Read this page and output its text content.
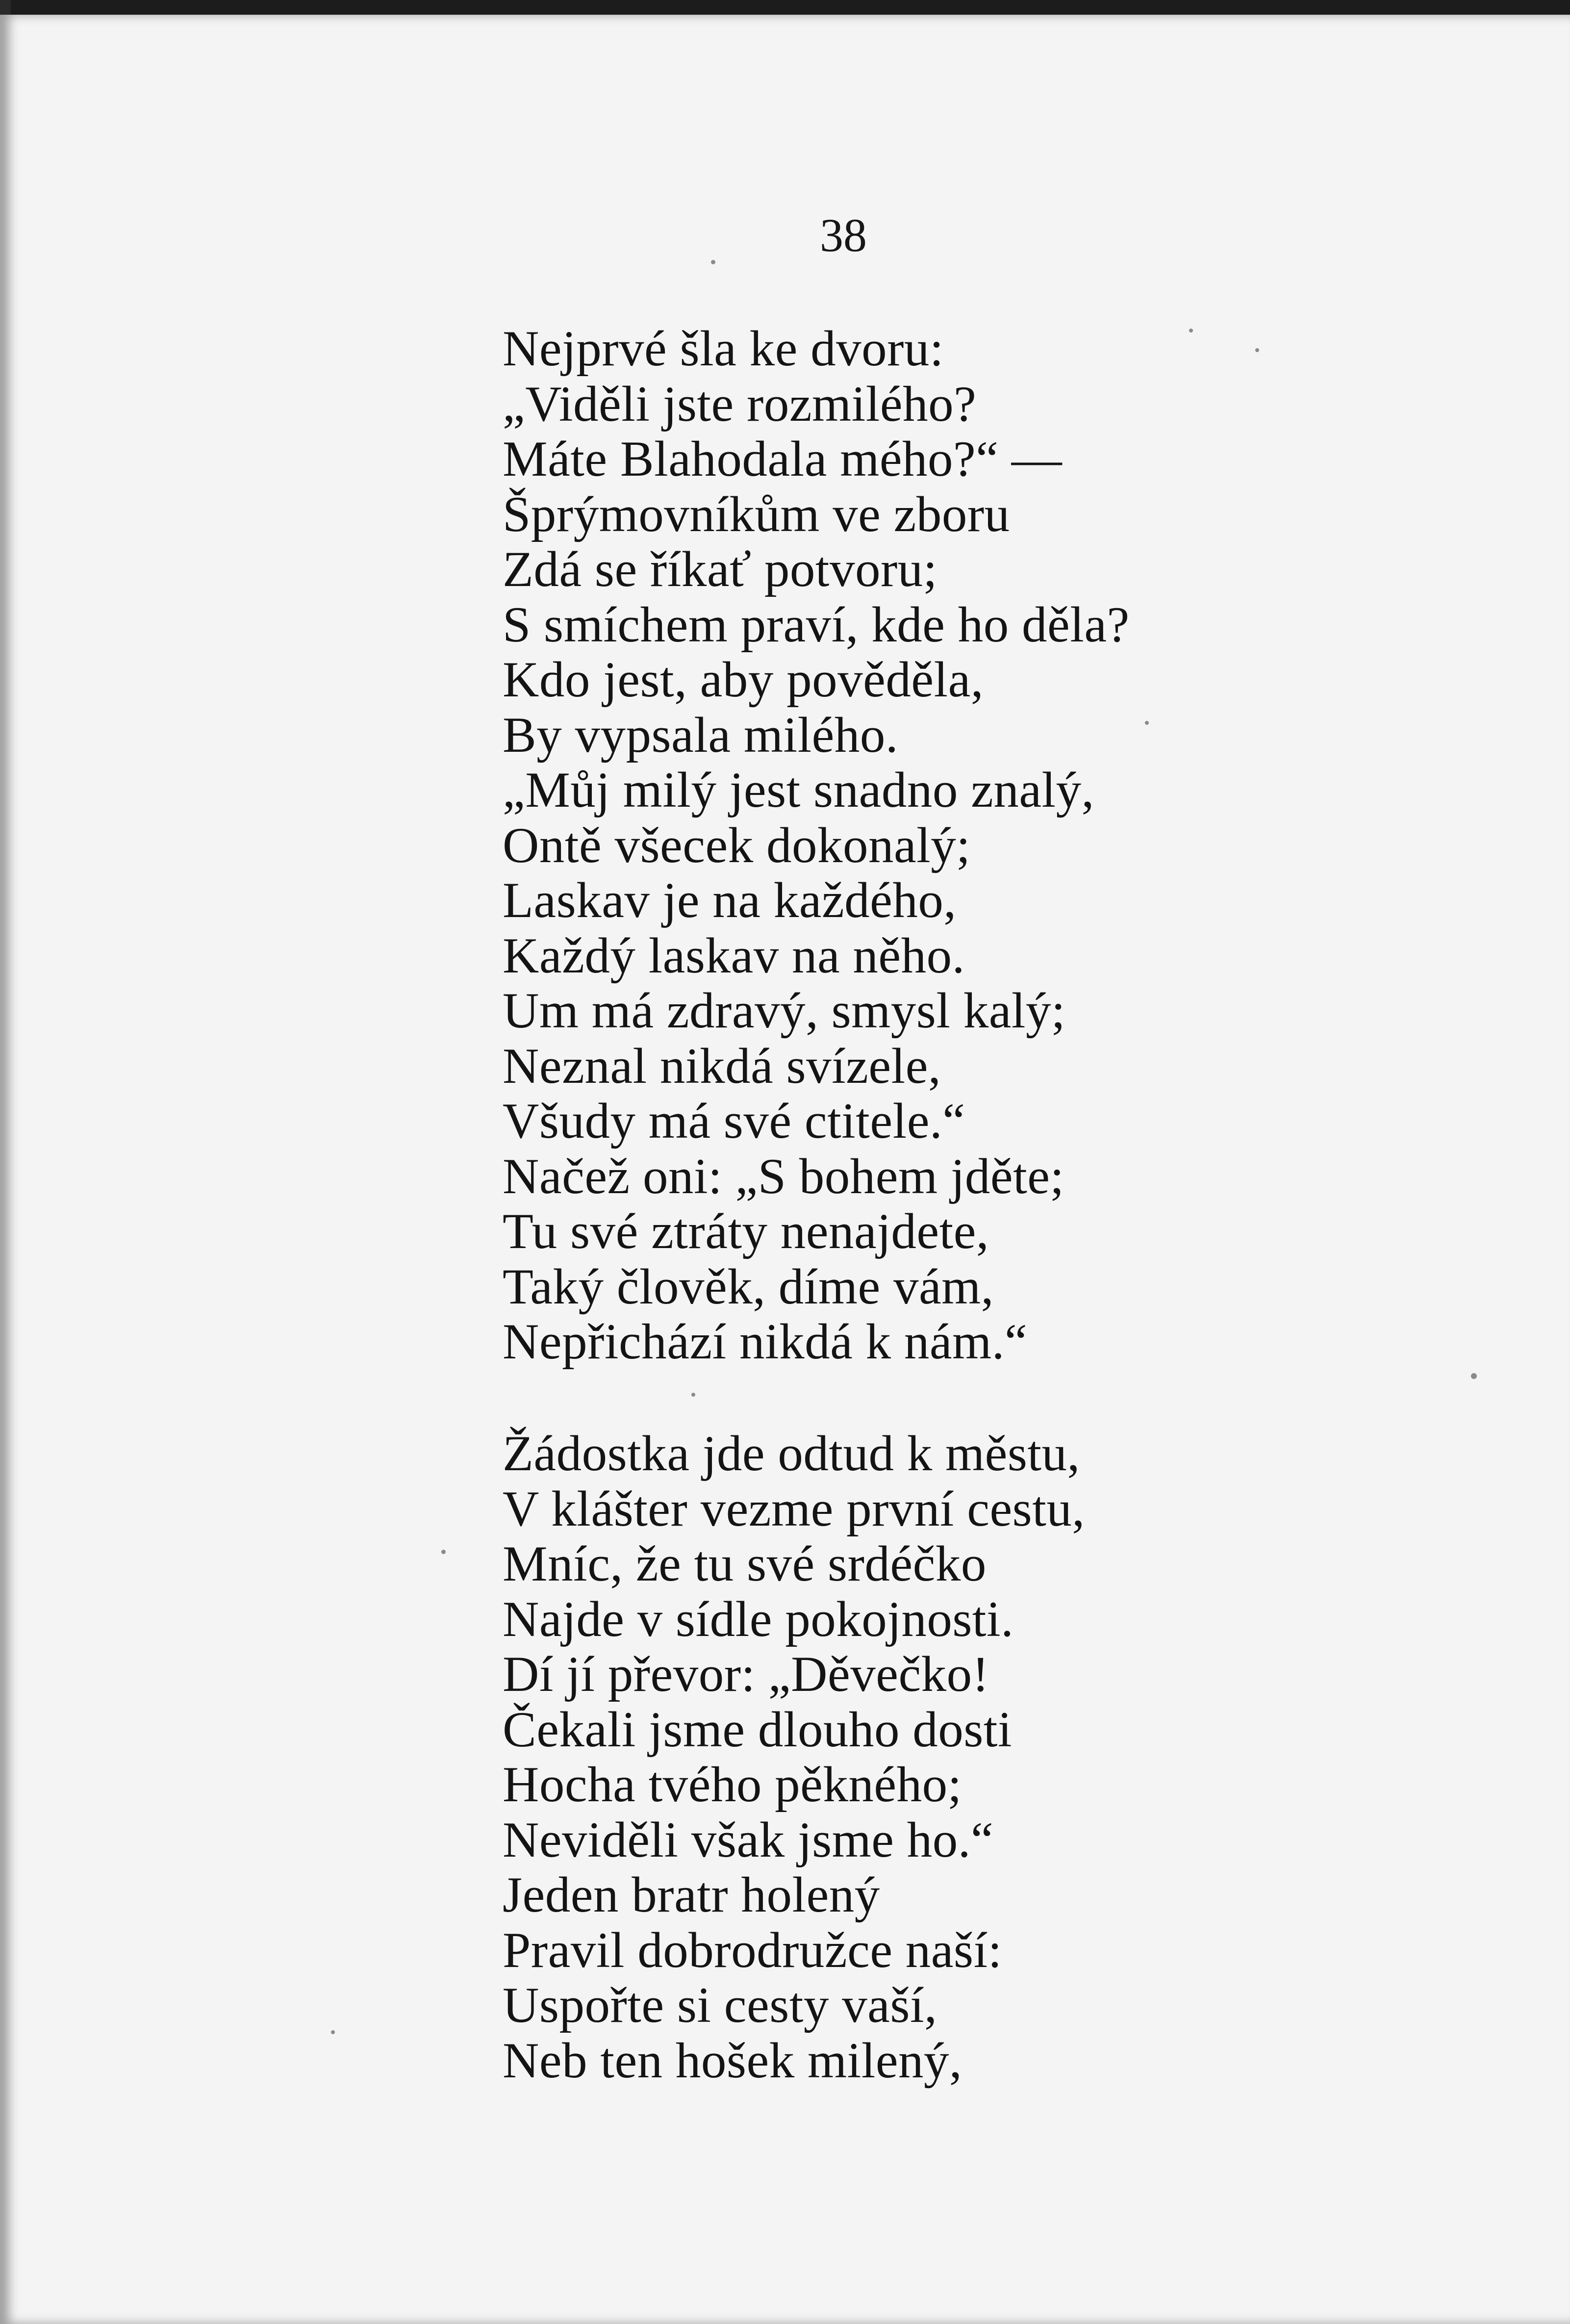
38
Nejprvé šla ke dvoru:
„Viděli jste rozmilého?
Máte Blahodala mého?“ —
Šprýmovníkům ve zboru
Zdá se říkať potvoru;
S smíchem praví, kde ho děla?
Kdo jest, aby pověděla,
By vypsala milého.
„Můj milý jest snadno znalý,
Ontě všecek dokonalý;
Laskav je na každého,
Každý laskav na něho.
Um má zdravý, smysl kalý;
Neznal nikdá svízele,
Všudy má své ctitele.“
Načež oni: „S bohem jděte;
Tu své ztráty nenajdete,
Taký člověk, díme vám,
Nepřichází nikdá k nám.“
Žádostka jde odtud k městu,
V klášter vezme první cestu,
Mníc, že tu své srdéčko
Najde v sídle pokojnosti.
Dí jí převor: „Děvečko!
Čekali jsme dlouho dosti
Hocha tvého pěkného;
Neviděli však jsme ho.“
Jeden bratr holený
Pravil dobrodružce naší:
Uspořte si cesty vaší,
Neb ten hošek milený,
